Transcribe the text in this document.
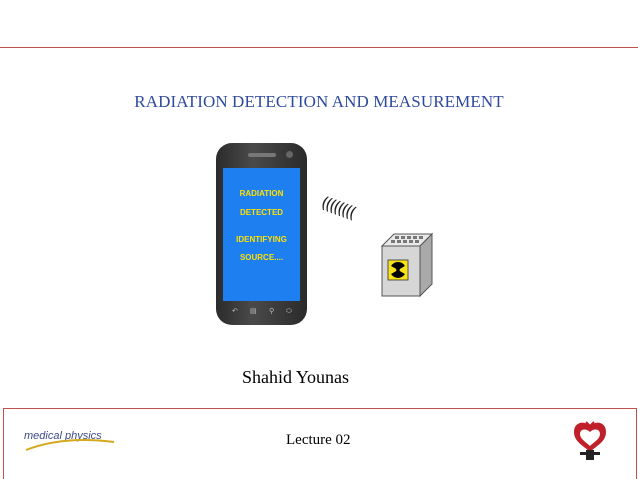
RADIATION DETECTION AND MEASUREMENT
RADIATION
DETECTED
IDENTIFYING
SOURCE....
↶ ▤ ⚲ ⬭
((((((((
Shahid Younas
medical physics	Lecture 02
